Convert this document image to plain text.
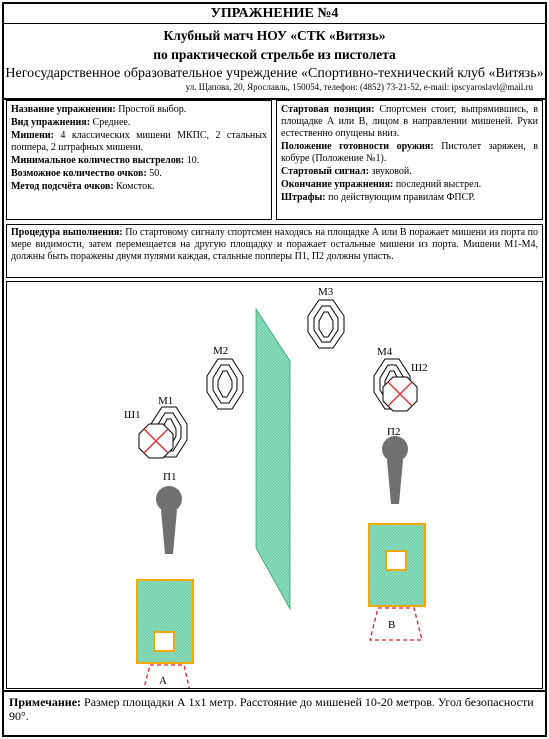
УПРАЖНЕНИЕ №4
Клубный матч НОУ «СТК «Витязь»
по практической стрельбе из пистолета
Негосударственное образовательное учреждение «Спортивно-технический клуб «Витязь»
ул. Щапова, 20, Ярославль, 150054, телефон: (4852) 73-21-52, e-mail: ipscyaroslavl@mail.ru

Название упражнения: Простой выбор.

Вид упражнения: Среднее.

Мишени: 4 классических мишени МКПС, 2 стальных поппера, 2 штрафных мишени.

Минимальное количество выстрелов: 10.

Возможное количество очков: 50.

Метод подсчёта очков: Комсток.

Стартовая позиция: Спортсмен стоит, выпрямившись, в площадке А или В, лицом в направлении мишеней. Руки естественно опущены вниз.

Положение готовности оружия: Пистолет заряжен, в кобуре (Положение №1).

Стартовый сигнал: звуковой.

Окончание упражнения: последний выстрел.

Штрафы: по действующим правилам ФПСР.

Процедура выполнения: По стартовому сигналу спортсмен находясь на площадке А или В поражает мишени из порта по мере видимости, затем перемещается на другую площадку и поражает остальные мишени из порта. Мишени М1-М4, должны быть поражены двумя пулями каждая, стальные попперы П1, П2 должны упасть.
М3
М2
М1
Ш1
М4
Ш2
П1
П2
В
А
Примечание: Размер площадки А 1х1 метр. Расстояние до мишеней 10-20 метров. Угол безопасности 90°.
